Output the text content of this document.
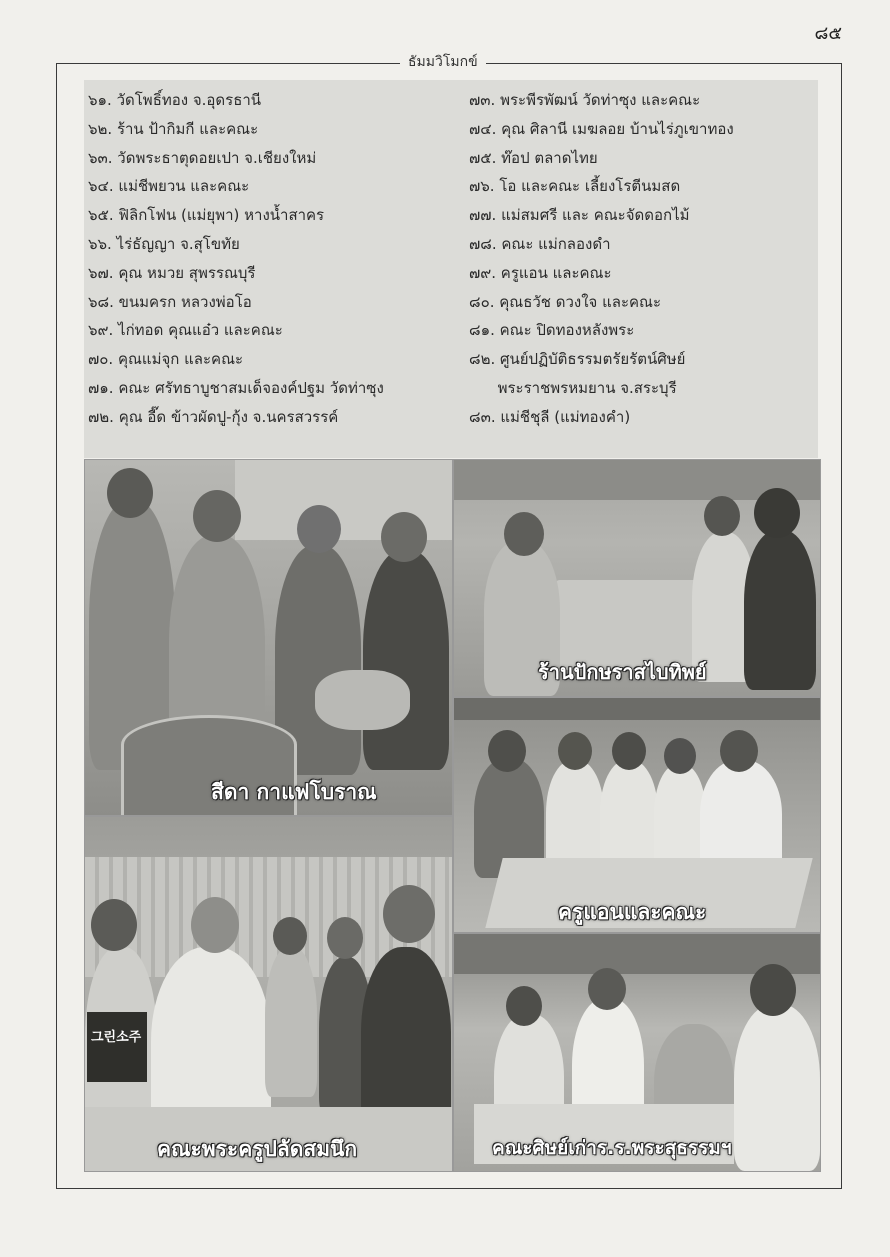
๘๕
ธัมมวิโมกข์
๖๑. วัดโพธิ์ทอง จ.อุดรธานี
๖๒. ร้าน ป้ากิมกี และคณะ
๖๓. วัดพระธาตุดอยเปา จ.เชียงใหม่
๖๔. แม่ชีพยวน และคณะ
๖๕. ฟิลิกโฟน (แม่ยุพา) หางน้ำสาคร
๖๖. ไร่ธัญญา จ.สุโขทัย
๖๗. คุณ หมวย สุพรรณบุรี
๖๘. ขนมครก หลวงพ่อโอ
๖๙. ไก่ทอด คุณแอ๋ว และคณะ
๗๐. คุณแม่จุก และคณะ
๗๑. คณะ ศรัทธาบูชาสมเด็จองค์ปฐม วัดท่าซุง
๗๒. คุณ อี๊ด ข้าวผัดปู-กุ้ง จ.นครสวรรค์
๗๓. พระพีรพัฒน์ วัดท่าซุง และคณะ
๗๔. คุณ ศิลานี เมฆลอย บ้านไร่ภูเขาทอง
๗๕. ท๊อป ตลาดไทย
๗๖. โอ และคณะ เลี้ยงโรตีนมสด
๗๗. แม่สมศรี และ คณะจัดดอกไม้
๗๘. คณะ แม่กลองดำ
๗๙. ครูแอน และคณะ
๘๐. คุณธวัช ดวงใจ และคณะ
๘๑. คณะ ปิดทองหลังพระ
๘๒. ศูนย์ปฏิบัติธรรมตรัยรัตน์ศิษย์
พระราชพรหมยาน จ.สระบุรี
๘๓. แม่ชีชุลี (แม่ทองคำ)
สีดา กาแฟโบราณ
ร้านปักษราสไบทิพย์
ครูแอนและคณะ
그린소주
คณะพระครูปลัดสมนึก	คณะศิษย์เก่าร.ร.พระสุธรรมฯ
